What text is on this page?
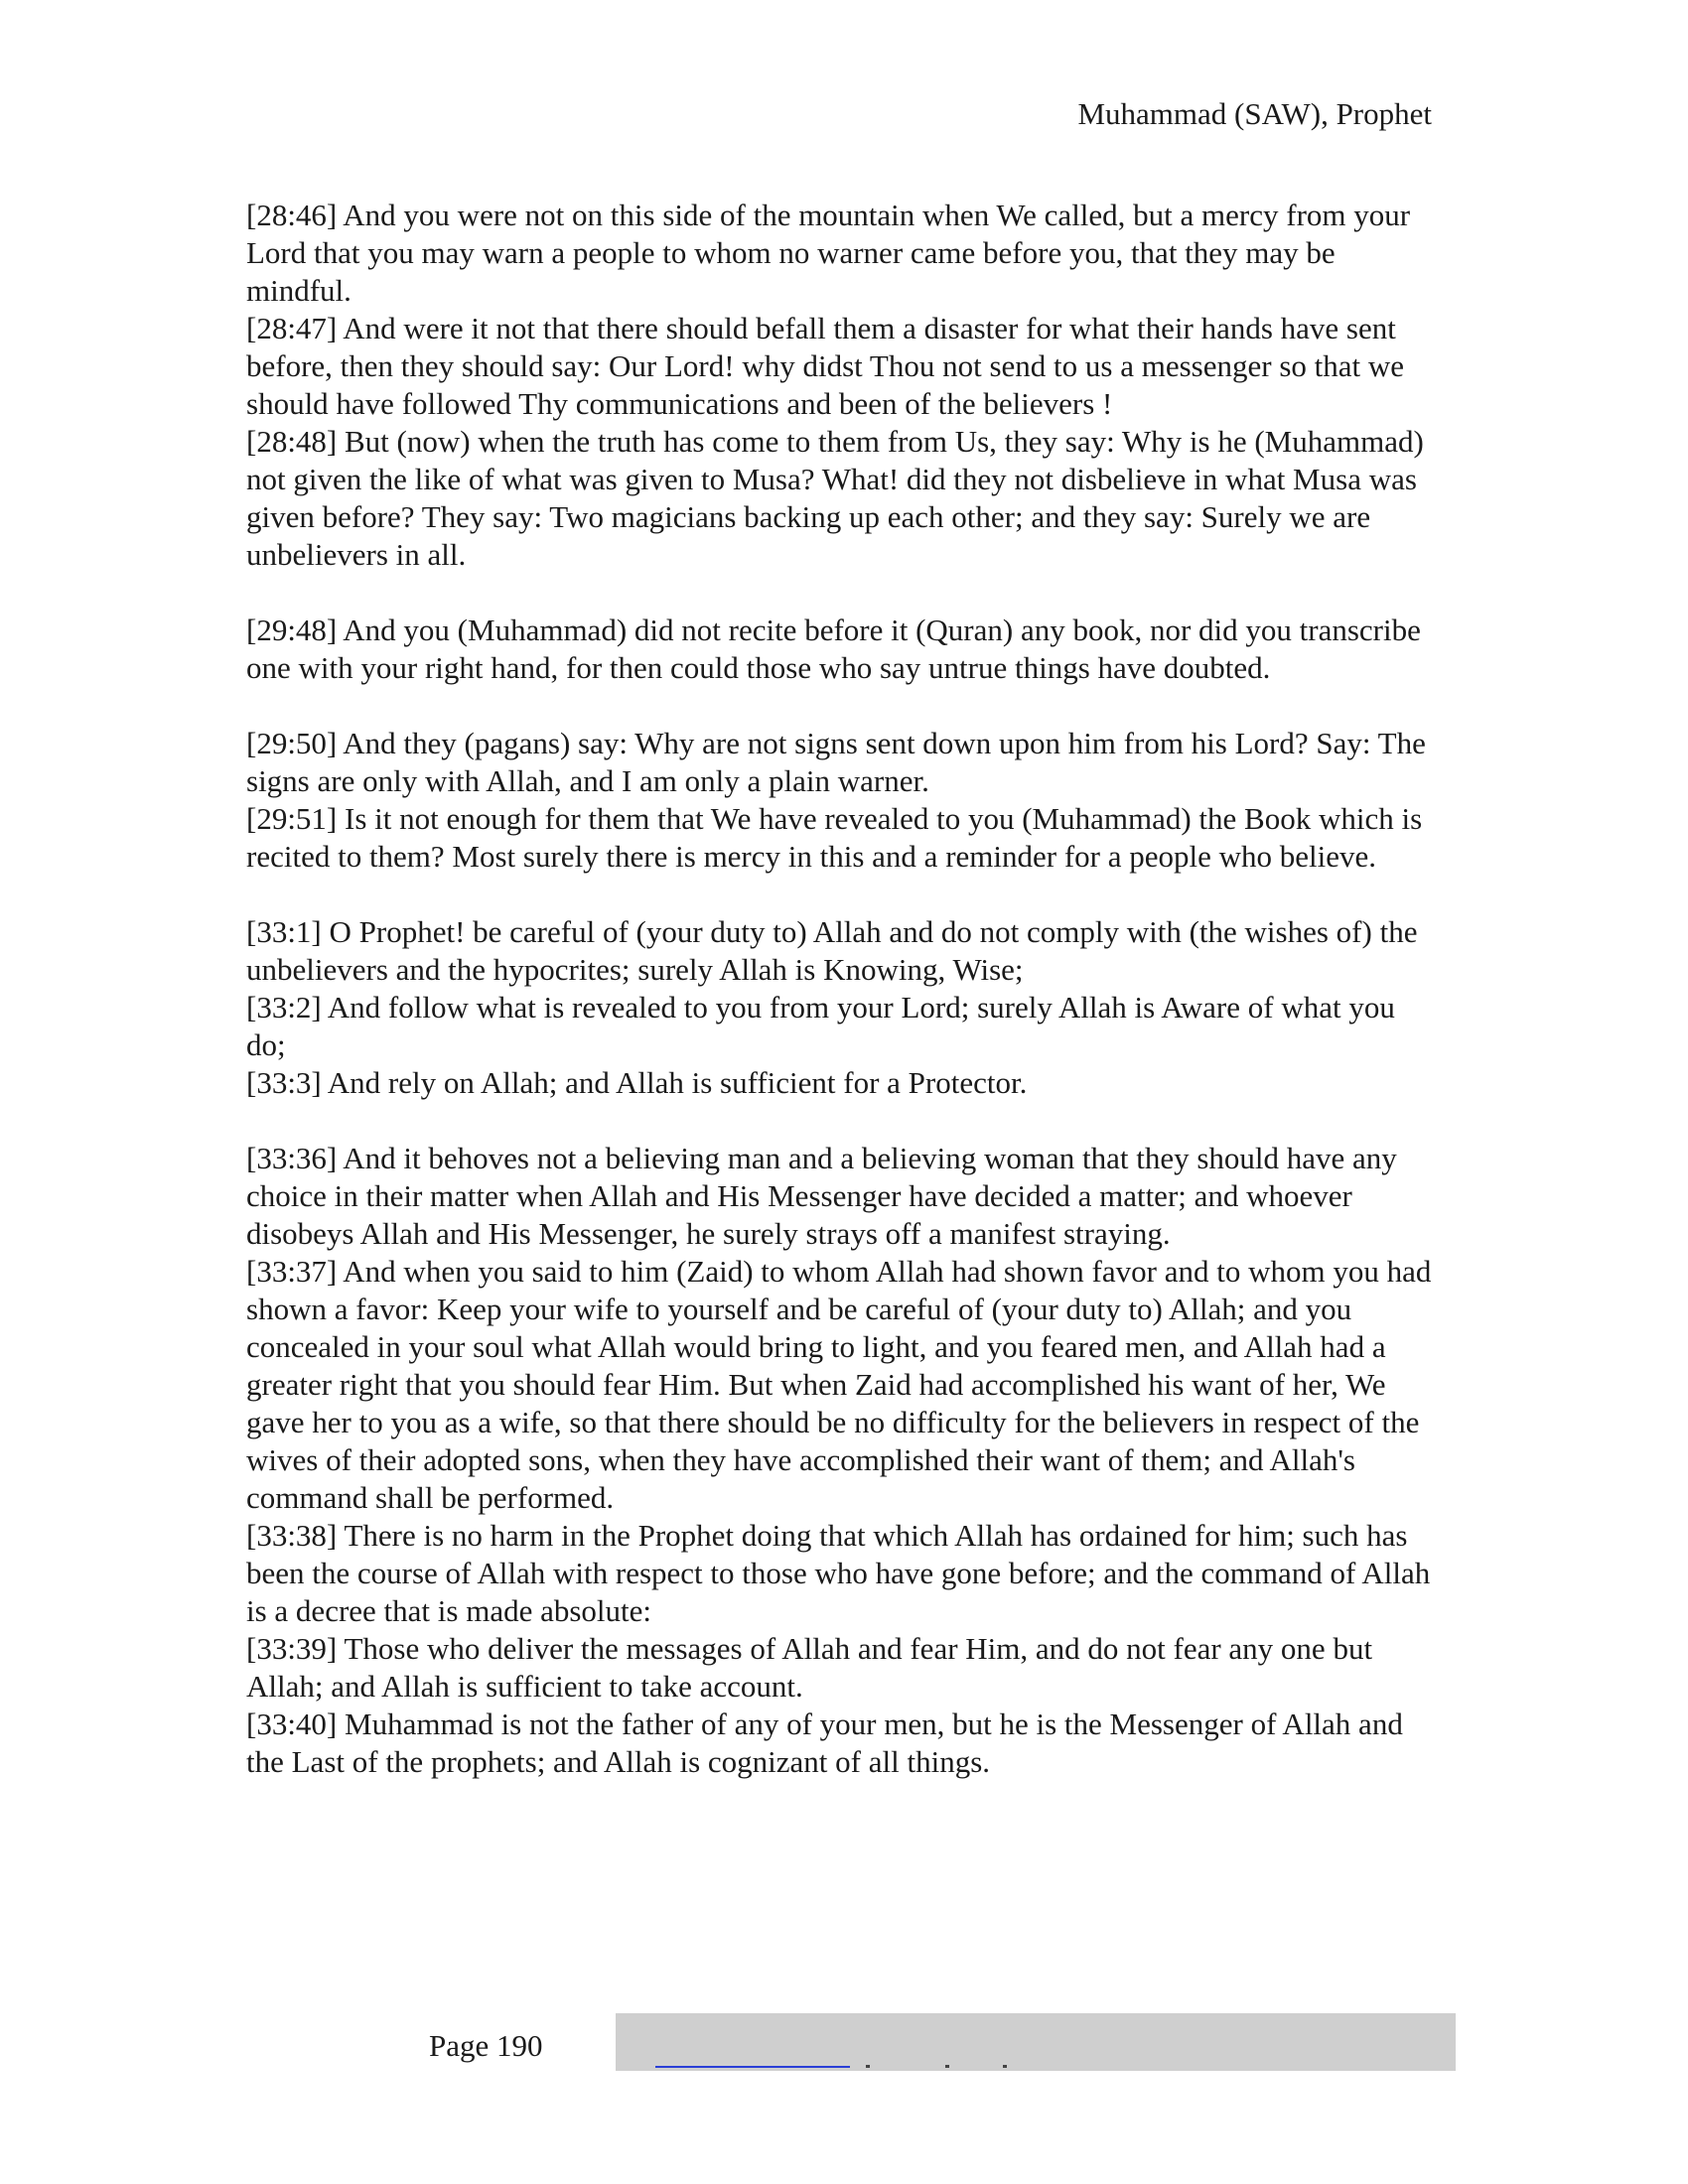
Muhammad (SAW), Prophet
[28:46] And you were not on this side of the mountain when We called, but a mercy from your Lord that you may warn a people to whom no warner came before you, that they may be mindful.
[28:47] And were it not that there should befall them a disaster for what their hands have sent before, then they should say: Our Lord! why didst Thou not send to us a messenger so that we should have followed Thy communications and been of the believers !
[28:48] But (now) when the truth has come to them from Us, they say: Why is he (Muhammad) not given the like of what was given to Musa? What! did they not disbelieve in what Musa was given before? They say: Two magicians backing up each other; and they say: Surely we are unbelievers in all.
[29:48] And you (Muhammad) did not recite before it (Quran) any book, nor did you transcribe one with your right hand, for then could those who say untrue things have doubted.
[29:50] And they (pagans) say: Why are not signs sent down upon him from his Lord? Say: The signs are only with Allah, and I am only a plain warner.
[29:51] Is it not enough for them that We have revealed to you (Muhammad) the Book which is recited to them? Most surely there is mercy in this and a reminder for a people who believe.
[33:1] O Prophet! be careful of (your duty to) Allah and do not comply with (the wishes of) the unbelievers and the hypocrites; surely Allah is Knowing, Wise;
[33:2] And follow what is revealed to you from your Lord; surely Allah is Aware of what you do;
[33:3] And rely on Allah; and Allah is sufficient for a Protector.
[33:36] And it behoves not a believing man and a believing woman that they should have any choice in their matter when Allah and His Messenger have decided a matter; and whoever disobeys Allah and His Messenger, he surely strays off a manifest straying.
[33:37] And when you said to him (Zaid) to whom Allah had shown favor and to whom you had shown a favor: Keep your wife to yourself and be careful of (your duty to) Allah; and you concealed in your soul what Allah would bring to light, and you feared men, and Allah had a greater right that you should fear Him. But when Zaid had accomplished his want of her, We gave her to you as a wife, so that there should be no difficulty for the believers in respect of the wives of their adopted sons, when they have accomplished their want of them; and Allah's command shall be performed.
[33:38] There is no harm in the Prophet doing that which Allah has ordained for him; such has been the course of Allah with respect to those who have gone before; and the command of Allah is a decree that is made absolute:
[33:39] Those who deliver the messages of Allah and fear Him, and do not fear any one but Allah; and Allah is sufficient to take account.
[33:40] Muhammad is not the father of any of your men, but he is the Messenger of Allah and the Last of the prophets; and Allah is cognizant of all things.
Page 190
